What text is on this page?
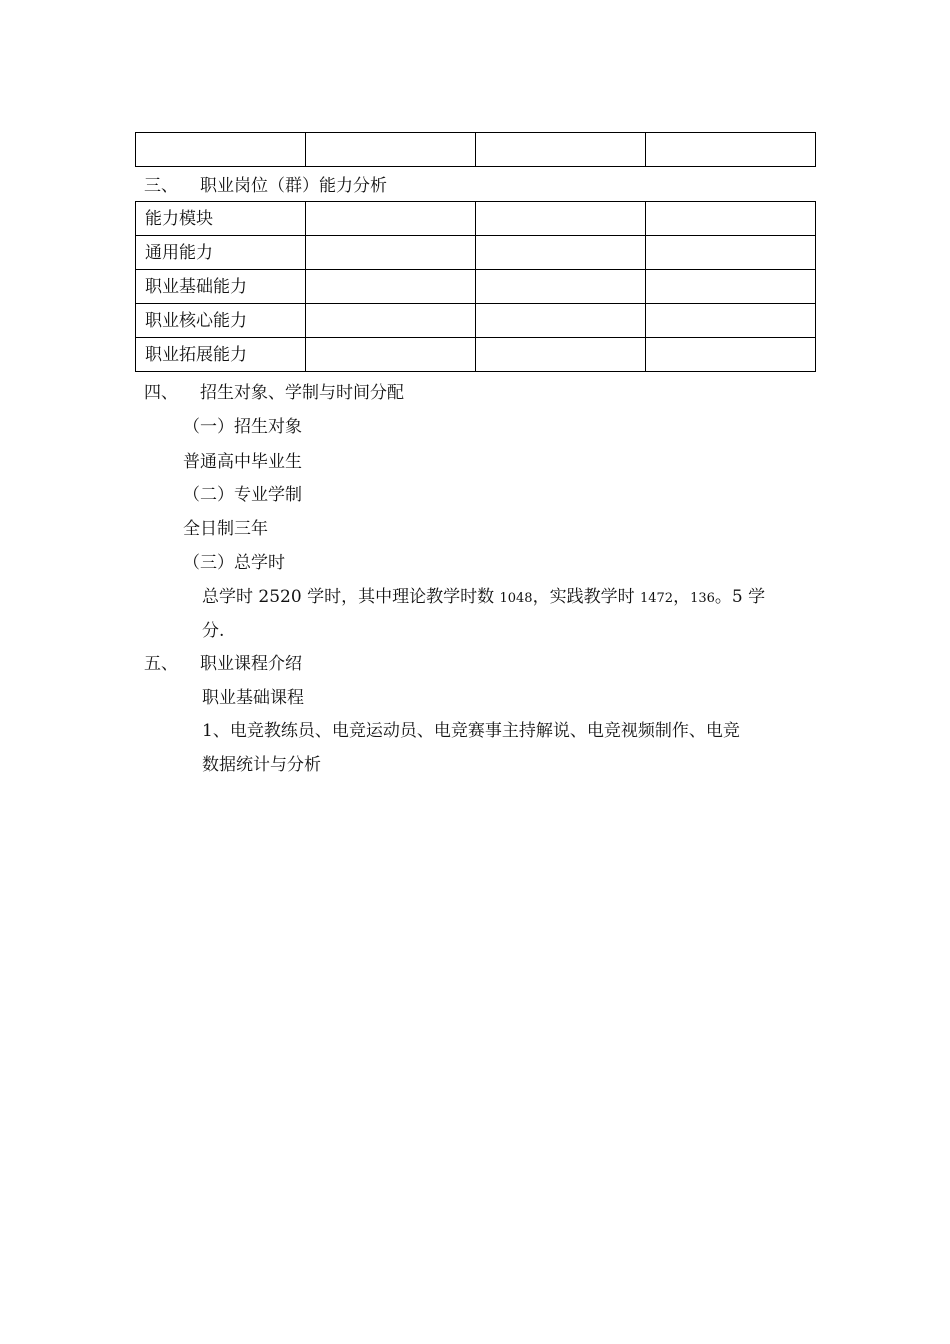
三、 职业岗位（群）能力分析
能力模块			
通用能力			
职业基础能力			
职业核心能力			
职业拓展能力			
四、 招生对象、学制与时间分配
（一）招生对象
普通高中毕业生
（二）专业学制
全日制三年
（三）总学时
总学时 2520 学时，其中理论教学时数 1048，实践教学时 1472，136。5 学
分.
五、 职业课程介绍
职业基础课程
1、电竞教练员、电竞运动员、电竞赛事主持解说、电竞视频制作、电竞
数据统计与分析
